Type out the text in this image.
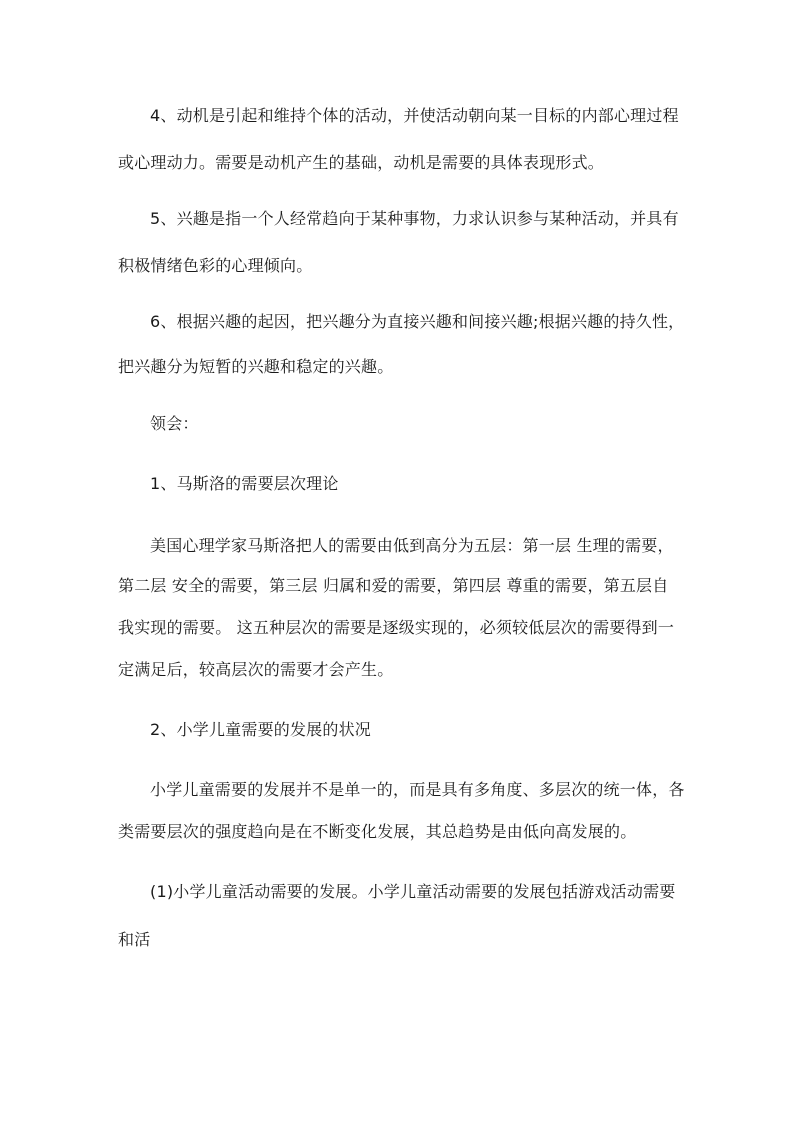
4、动机是引起和维持个体的活动，并使活动朝向某一目标的内部心理过程
或心理动力。需要是动机产生的基础，动机是需要的具体表现形式。
5、兴趣是指一个人经常趋向于某种事物，力求认识参与某种活动，并具有
积极情绪色彩的心理倾向。
6、根据兴趣的起因，把兴趣分为直接兴趣和间接兴趣;根据兴趣的持久性，
把兴趣分为短暂的兴趣和稳定的兴趣。
领会：
1、马斯洛的需要层次理论
美国心理学家马斯洛把人的需要由低到高分为五层：第一层 生理的需要，
第二层 安全的需要，第三层 归属和爱的需要，第四层 尊重的需要，第五层自
我实现的需要。 这五种层次的需要是逐级实现的，必须较低层次的需要得到一
定满足后，较高层次的需要才会产生。
2、小学儿童需要的发展的状况
小学儿童需要的发展并不是单一的，而是具有多角度、多层次的统一体，各
类需要层次的强度趋向是在不断变化发展，其总趋势是由低向高发展的。
(1)小学儿童活动需要的发展。小学儿童活动需要的发展包括游戏活动需要
和活
